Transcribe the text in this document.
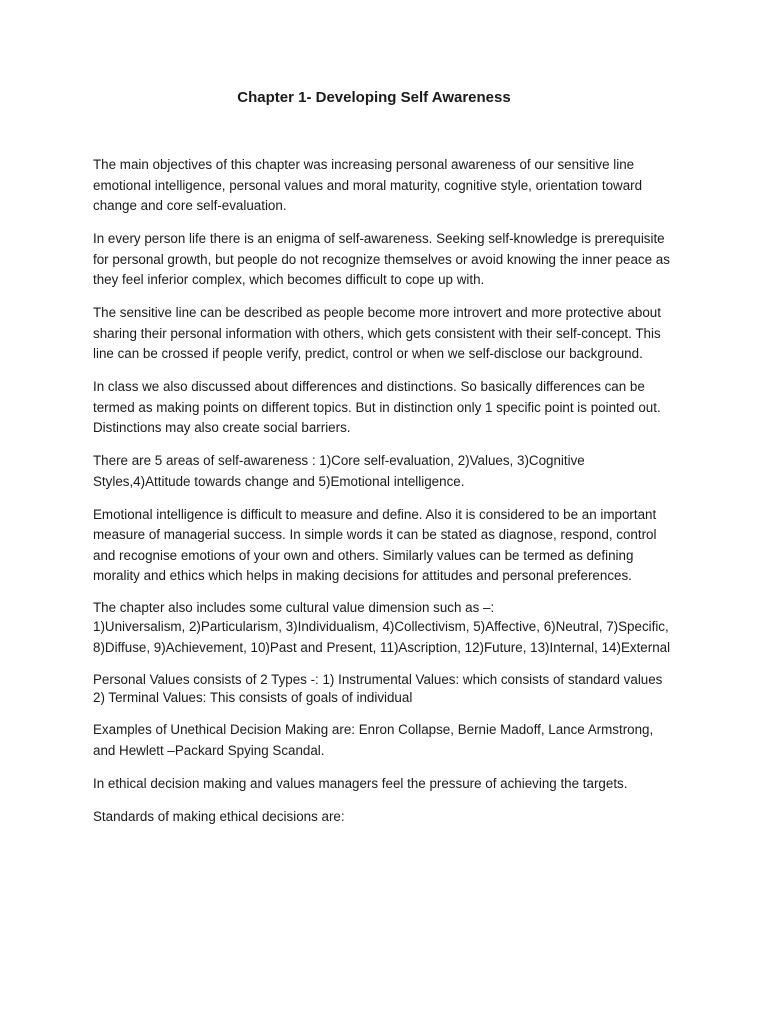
Chapter 1- Developing Self Awareness

The main objectives of this chapter was increasing personal awareness of our sensitive line emotional intelligence, personal values and moral maturity, cognitive style, orientation toward change and core self-evaluation.

In every person life there is an enigma of self-awareness. Seeking self-knowledge is prerequisite for personal growth, but people do not recognize themselves or avoid knowing the inner peace as they feel inferior complex, which becomes difficult to cope up with.

The sensitive line can be described as people become more introvert and more protective about sharing their personal information with others, which gets consistent with their self-concept. This line can be crossed if people verify, predict, control or when we self-disclose our background.

In class we also discussed about differences and distinctions. So basically differences can be termed as making points on different topics. But in distinction only 1 specific point is pointed out. Distinctions may also create social barriers.

There are 5 areas of self-awareness : 1)Core self-evaluation, 2)Values, 3)Cognitive Styles,4)Attitude towards change and 5)Emotional intelligence.

Emotional intelligence is difficult to measure and define. Also it is considered to be an important measure of managerial success. In simple words it can be stated as diagnose, respond, control and recognise emotions of your own and others. Similarly values can be termed as defining morality and ethics which helps in making decisions for attitudes and personal preferences.

The chapter also includes some cultural value dimension such as –:
1)Universalism, 2)Particularism, 3)Individualism, 4)Collectivism, 5)Affective, 6)Neutral, 7)Specific, 8)Diffuse, 9)Achievement, 10)Past and Present, 11)Ascription, 12)Future, 13)Internal, 14)External

Personal Values consists of 2 Types -: 1) Instrumental Values: which consists of standard values
2) Terminal Values: This consists of goals of individual

Examples of Unethical Decision Making are: Enron Collapse, Bernie Madoff, Lance Armstrong, and Hewlett –Packard Spying Scandal.

In ethical decision making and values managers feel the pressure of achieving the targets.

Standards of making ethical decisions are:
